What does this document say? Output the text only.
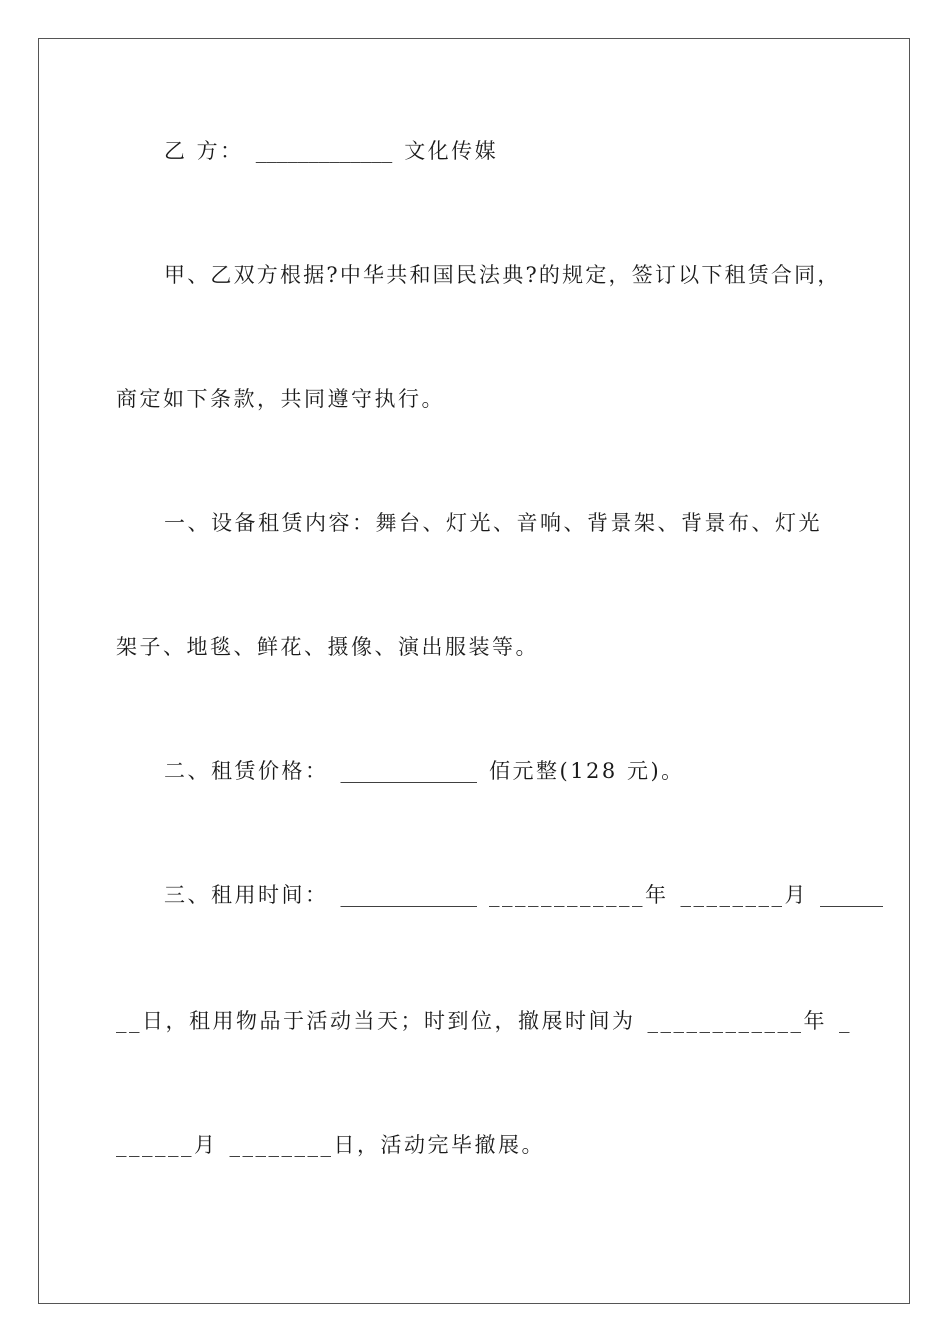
乙 方： _____________ 文化传媒
甲、乙双方根据?中华共和国民法典?的规定，签订以下租赁合同，
商定如下条款，共同遵守执行。
一、设备租赁内容：舞台、灯光、音响、背景架、背景布、灯光
架子、地毯、鲜花、摄像、演出服装等。
二、租赁价格： _____________ 佰元整(128 元)。
三、租用时间： _____________ ____________年 ________月 ______
__日，租用物品于活动当天；时到位，撤展时间为 ____________年 _
______月 ________日，活动完毕撤展。
